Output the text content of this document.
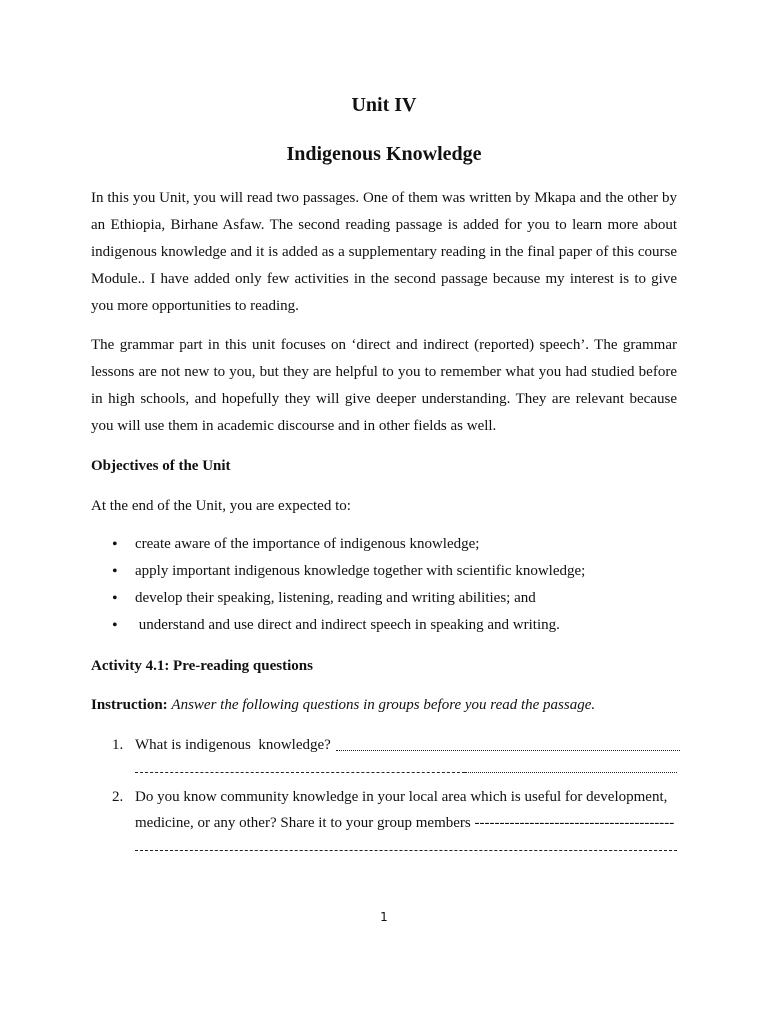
Unit IV
Indigenous Knowledge

In this you Unit, you will read two passages. One of them was written by Mkapa and the other by an Ethiopia, Birhane Asfaw. The second reading passage is added for you to learn more about indigenous knowledge and it is added as a supplementary reading in the final paper of this course Module.. I have added only few activities in the second passage because my interest is to give you more opportunities to reading.

The grammar part in this unit focuses on ‘direct and indirect (reported) speech’. The grammar lessons are not new to you, but they are helpful to you to remember what you had studied before in high schools, and hopefully they will give deeper understanding. They are relevant because you will use them in academic discourse and in other fields as well.

Objectives of the Unit

At the end of the Unit, you are expected to:

• create aware of the importance of indigenous knowledge;
• apply important indigenous knowledge together with scientific knowledge;
• develop their speaking, listening, reading and writing abilities; and
• understand and use direct and indirect speech in speaking and writing.

Activity 4.1: Pre-reading questions

Instruction: Answer the following questions in groups before you read the passage.

1. What is indigenous  knowledge?
2. Do you know community knowledge in your local area which is useful for development,
medicine, or any other? Share it to your group members ----------------------------------------
1
